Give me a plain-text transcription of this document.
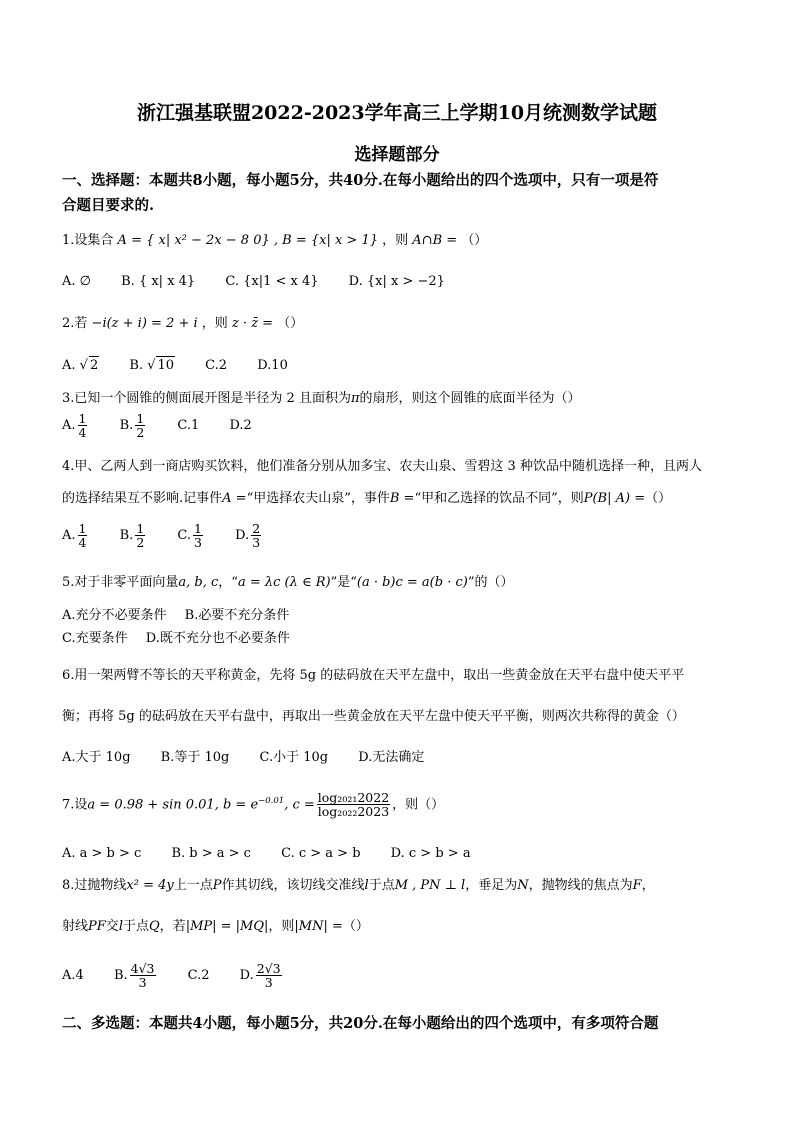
浙江强基联盟2022-2023学年高三上学期10月统测数学试题
选择题部分
一、选择题：本题共8小题，每小题5分，共40分.在每小题给出的四个选项中，只有一项是符
合题目要求的.
1.设集合 A = { x| x² − 2x − 8 0} , B = {x| x > 1} ，则 A∩B = （）
A. ∅ B. { x| x 4} C. {x|1 < x 4} D. {x| x > −2}
2.若 −i(z + i) = 2 + i ，则 z · z̄ = （）
A. √ 2 B. √ 10 C.2 D.10
3.已知一个圆锥的侧面展开图是半径为 2 且面积为π的扇形，则这个圆锥的底面半径为（）
A. $\frac{1}{4} B$. $\frac{1}{2} C.1$ D.2
4.甲、乙两人到一商店购买饮料，他们准备分别从加多宝、农夫山泉、雪碧这 3 种饮品中随机选择一种，且两人
的选择结果互不影响.记事件A =“甲选择农夫山泉”，事件B =“甲和乙选择的饮品不同”，则P(B| A) =（）
A. $\frac{1}{4} B$. $\frac{1}{2} C$. $\frac{1}{3} D$. $\frac{2}{3}$
5.对于非零平面向量a, b, c，“a = λc (λ ∈ R)”是“(a · b)c = a(b · c)”的（）
A.充分不必要条件 B.必要不充分条件
C.充要条件 D.既不充分也不必要条件
6.用一架两臂不等长的天平称黄金，先将 5g 的砝码放在天平左盘中，取出一些黄金放在天平右盘中使天平平
衡；再将 5g 的砝码放在天平右盘中，再取出一些黄金放在天平左盘中使天平平衡，则两次共称得的黄金（）
A.大于 10g B.等于 10g C.小于 10g D.无法确定
7.设a = 0.98 + sin 0.01, $b = e^{-0.01}$, $c = \frac{\text{log₂₀₂₁2022}}{\text{log₂₀₂₂2023}}$ ，则（）
A. a > b > c B. b > a > c C. c > a > b D. c > b > a
8.过抛物线x² = 4y上一点P作其切线，该切线交准线l于点M , PN ⊥ l，垂足为N，抛物线的焦点为F，
射线PF交l于点Q，若|MP| = |MQ|，则|MN| =（）
A.4 B. $\frac{4√3}{3} C.2$ D. $\frac{2√3}{3}$
二、多选题：本题共4小题，每小题5分，共20分.在每小题给出的四个选项中，有多项符合题
